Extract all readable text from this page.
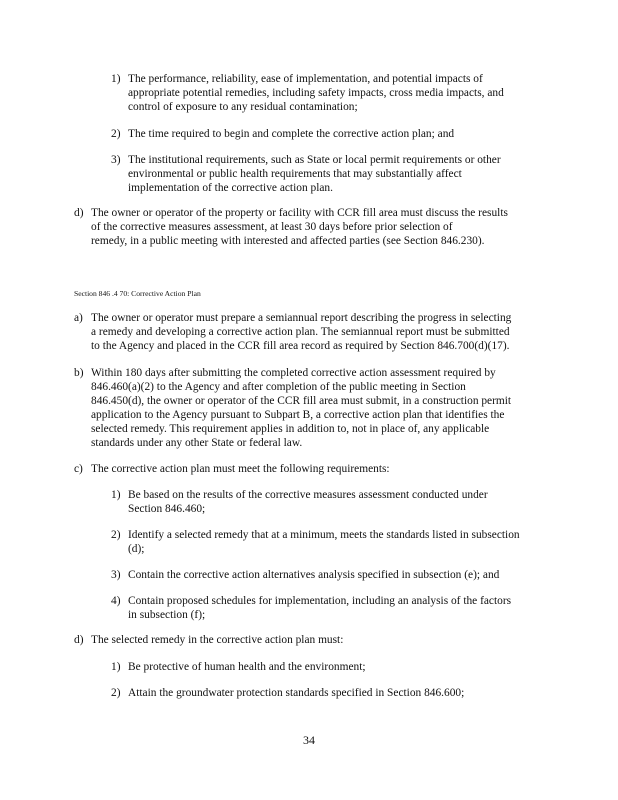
1) The performance, reliability, ease of implementation, and potential impacts of
appropriate potential remedies, including safety impacts, cross media impacts, and
control of exposure to any residual contamination;
2) The time required to begin and complete the corrective action plan; and
3) The institutional requirements, such as State or local permit requirements or other
environmental or public health requirements that may substantially affect
implementation of the corrective action plan.
d) The owner or operator of the property or facility with CCR fill area must discuss the results
of the corrective measures assessment, at least 30 days before prior selection of
remedy, in a public meeting with interested and affected parties (see Section 846.230).
Section 846 .4 70: Corrective Action Plan
a) The owner or operator must prepare a semiannual report describing the progress in selecting
a remedy and developing a corrective action plan. The semiannual report must be submitted
to the Agency and placed in the CCR fill area record as required by Section 846.700(d)(17).
b) Within 180 days after submitting the completed corrective action assessment required by
846.460(a)(2) to the Agency and after completion of the public meeting in Section
846.450(d), the owner or operator of the CCR fill area must submit, in a construction permit
application to the Agency pursuant to Subpart B, a corrective action plan that identifies the
selected remedy. This requirement applies in addition to, not in place of, any applicable
standards under any other State or federal law.
c) The corrective action plan must meet the following requirements:
1) Be based on the results of the corrective measures assessment conducted under
Section 846.460;
2) Identify a selected remedy that at a minimum, meets the standards listed in subsection
(d);
3) Contain the corrective action alternatives analysis specified in subsection (e); and
4) Contain proposed schedules for implementation, including an analysis of the factors
in subsection (f);
d) The selected remedy in the corrective action plan must:
1) Be protective of human health and the environment;
2) Attain the groundwater protection standards specified in Section 846.600;
34
